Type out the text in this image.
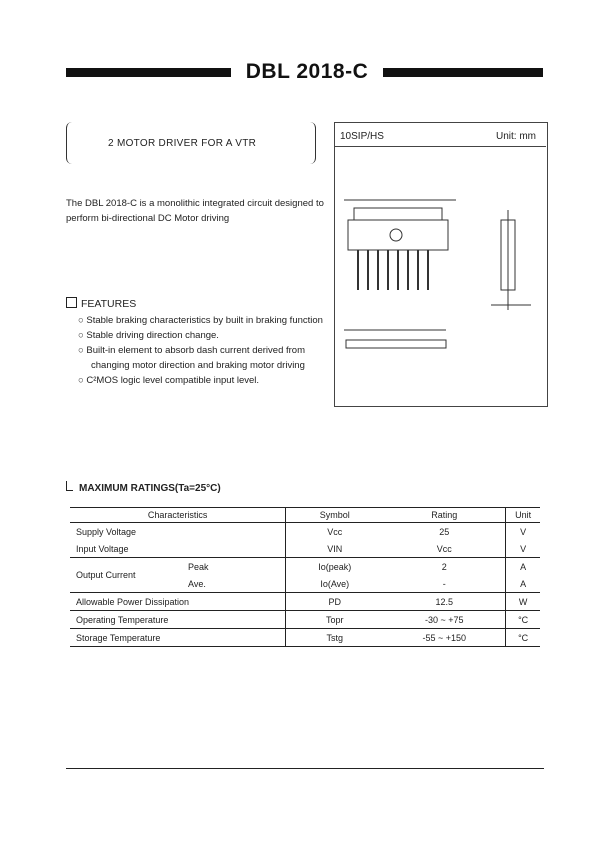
DBL 2018-C
2 MOTOR DRIVER FOR A VTR
10SIP/HS	Unit: mm
The DBL 2018-C is a monolithic integrated circuit designed to perform bi-directional DC Motor driving
FEATURES
○ Stable braking characteristics by built in braking function
○ Stable driving direction change.
○ Built-in element to absorb dash current derived from changing motor direction and braking motor driving
○ C²MOS logic level compatible input level.
MAXIMUM RATINGS(Ta=25°C)
Characteristics		Symbol	Rating	Unit
Supply Voltage		Vcc	25	V
Input Voltage		VIN	Vcc	V
Output Current	Peak	Io(peak)	2	A
	Ave.	Io(Ave)	-	A
Allowable Power Dissipation		PD	12.5	W
Operating Temperature		Topr	-30 ~ +75	°C
Storage Temperature		Tstg	-55 ~ +150	°C
